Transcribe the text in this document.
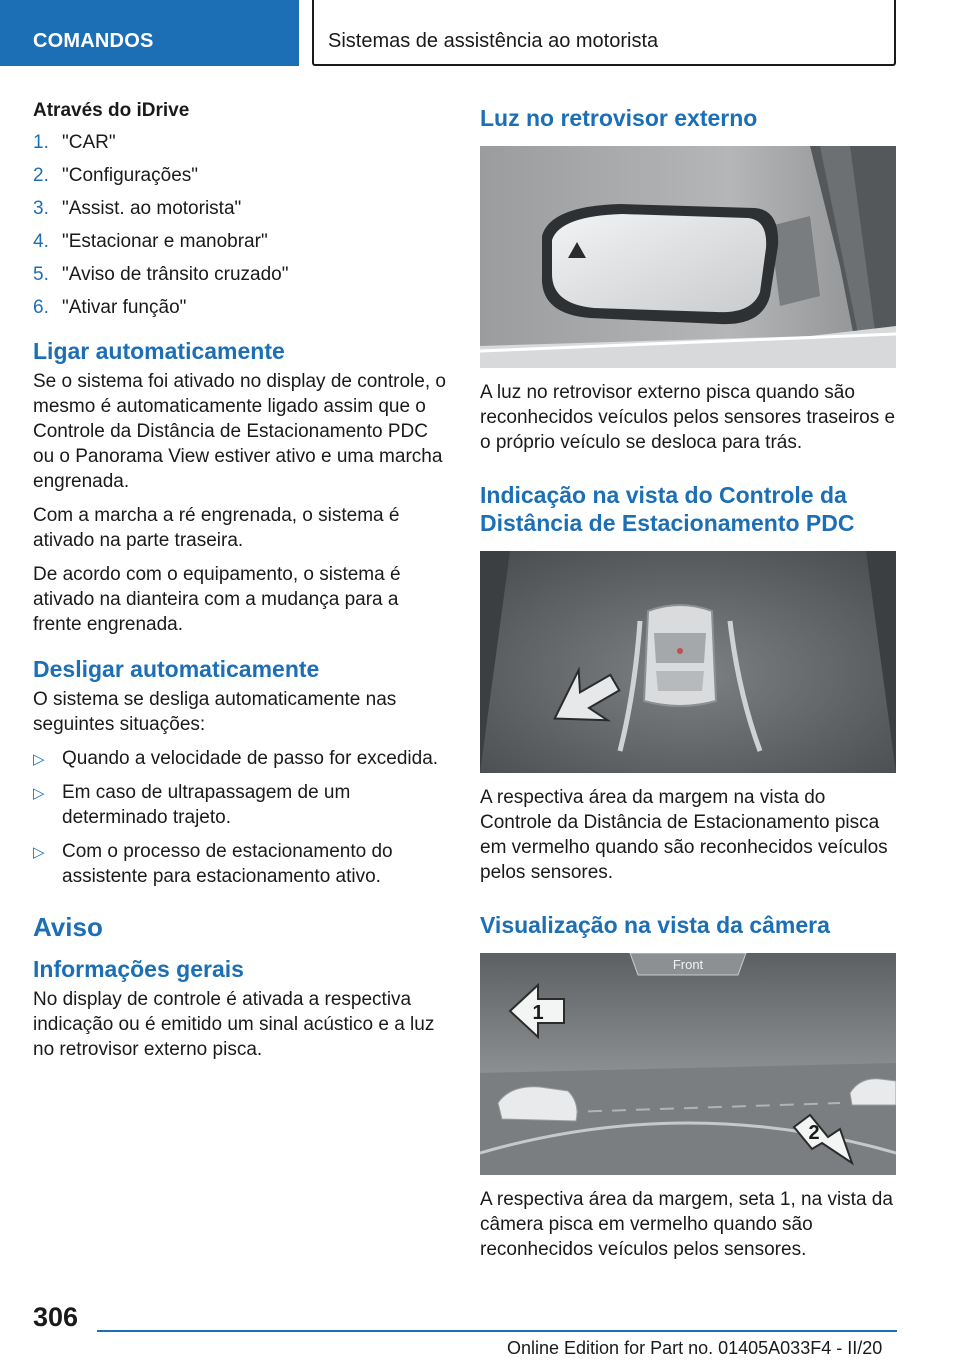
COMANDOS	Sistemas de assistência ao motorista
Através do iDrive
1. "CAR"
2. "Configurações"
3. "Assist. ao motorista"
4. "Estacionar e manobrar"
5. "Aviso de trânsito cruzado"
6. "Ativar função"
Ligar automaticamente

Se o sistema foi ativado no display de controle, o mesmo é automaticamente ligado assim que o Controle da Distância de Estacionamento PDC ou o Panorama View estiver ativo e uma marcha engrenada.

Com a marcha a ré engrenada, o sistema é ativado na parte traseira.

De acordo com o equipamento, o sistema é ativado na dianteira com a mudança para a frente engrenada.

Desligar automaticamente

O sistema se desliga automaticamente nas seguintes situações:

▷ Quando a velocidade de passo for excedida.
▷ Em caso de ultrapassagem de um determinado trajeto.
▷ Com o processo de estacionamento do assistente para estacionamento ativo.
Aviso
Informações gerais

No display de controle é ativada a respectiva indicação ou é emitido um sinal acústico e a luz no retrovisor externo pisca.

Luz no retrovisor externo

A luz no retrovisor externo pisca quando são reconhecidos veículos pelos sensores traseiros e o próprio veículo se desloca para trás.

Indicação na vista do Controle da Distância de Estacionamento PDC

A respectiva área da margem na vista do Controle da Distância de Estacionamento pisca em vermelho quando são reconhecidos veículos pelos sensores.

Visualização na vista da câmera
Front
1
2

A respectiva área da margem, seta 1, na vista da câmera pisca em vermelho quando são reconhecidos veículos pelos sensores.

306
Online Edition for Part no. 01405A033F4 - II/20
